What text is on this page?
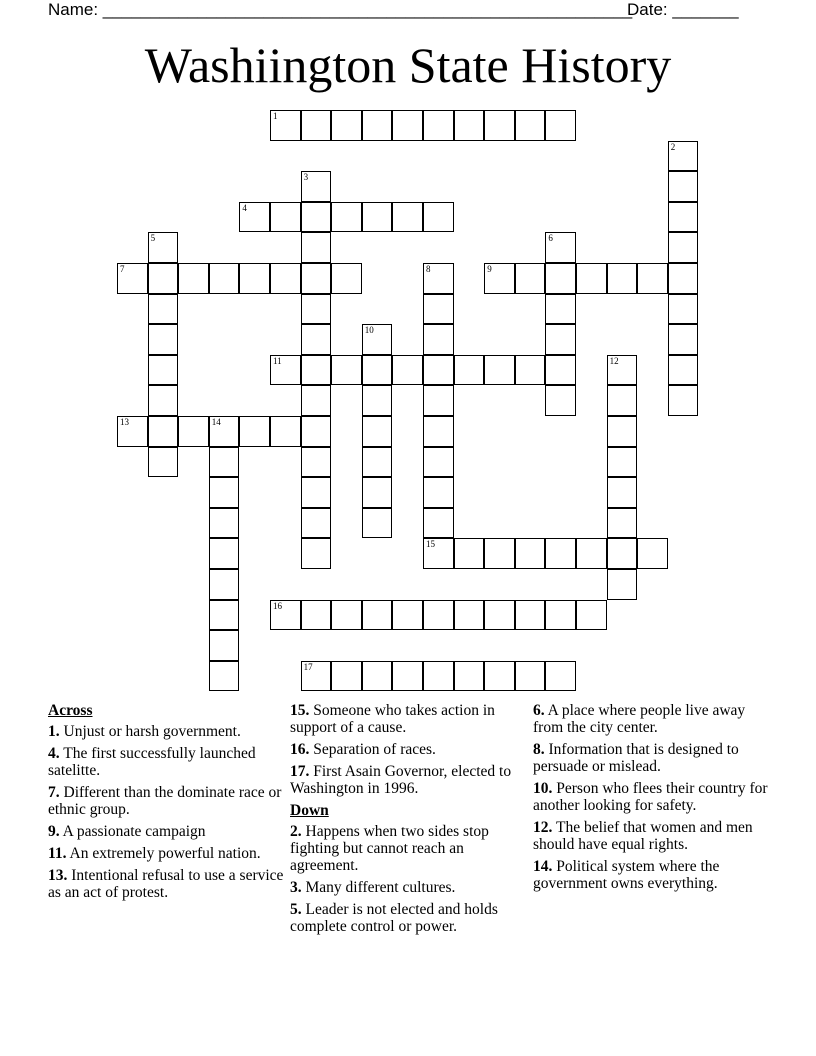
Name: ________________________________________________________
Date: _______
Washiington State History
1
2
3
4
5	6
7	8
15
9
10
11	12
13	14
16
17
Across
1. Unjust or harsh government.
4. The first successfully launched satelitte.
7. Different than the dominate race or ethnic group.
9. A passionate campaign
11. An extremely powerful nation.
13. Intentional refusal to use a service as an act of protest.
15. Someone who takes action in support of a cause.
16. Separation of races.
17. First Asain Governor, elected to Washington in 1996.
Down
2. Happens when two sides stop fighting but cannot reach an agreement.
3. Many different cultures.
5. Leader is not elected and holds complete control or power.
6. A place where people live away from the city center.
8. Information that is designed to persuade or mislead.
10. Person who flees their country for another looking for safety.
12. The belief that women and men should have equal rights.
14. Political system where the government owns everything.
